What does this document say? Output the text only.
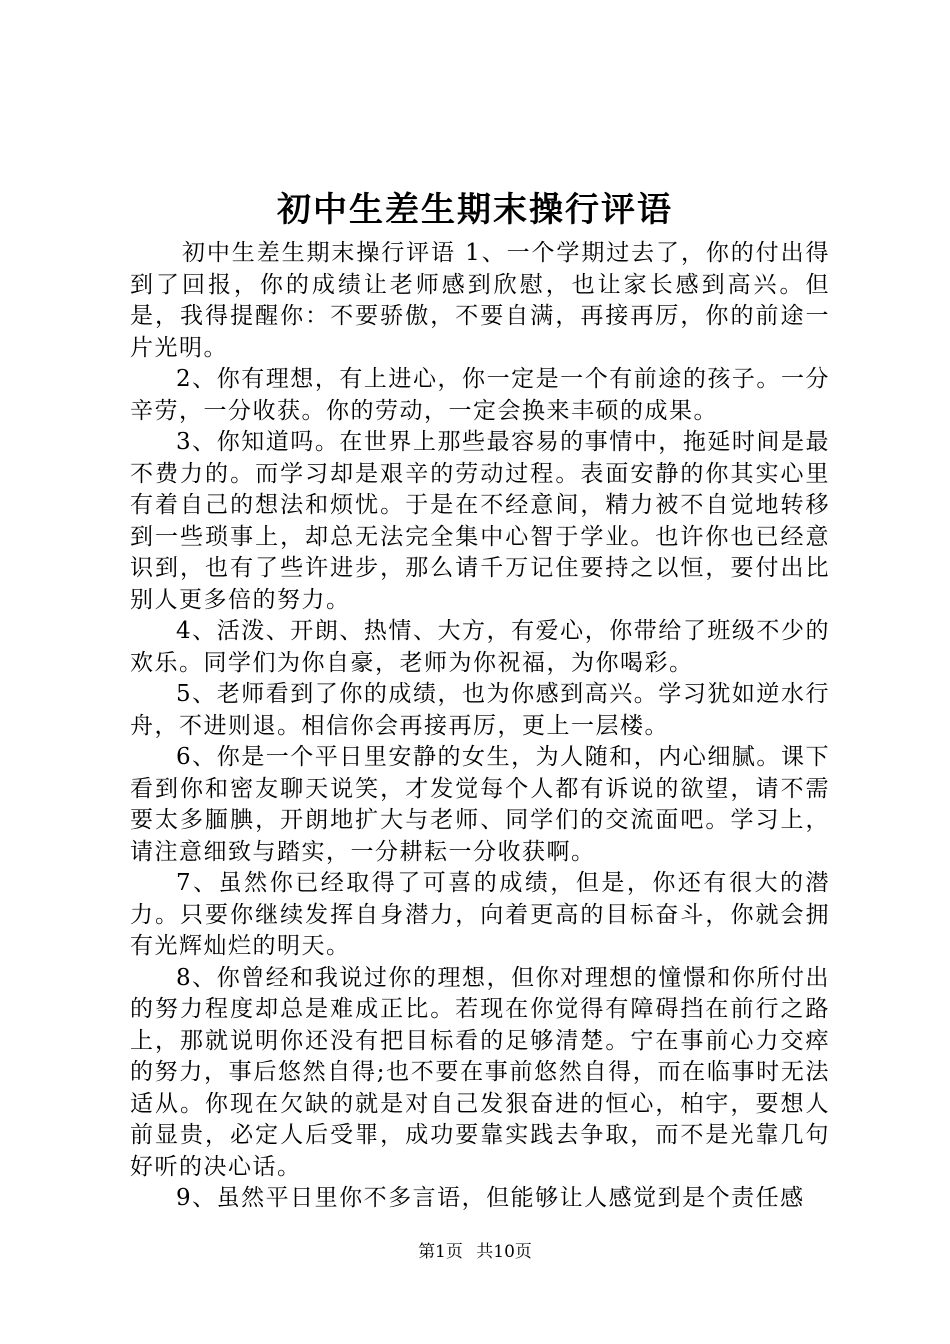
初中生差生期末操行评语

初中生差生期末操行评语 1、一个学期过去了，你的付出得到了回报，你的成绩让老师感到欣慰，也让家长感到高兴。但是，我得提醒你：不要骄傲，不要自满，再接再厉，你的前途一片光明。

2、你有理想，有上进心，你一定是一个有前途的孩子。一分辛劳，一分收获。你的劳动，一定会换来丰硕的成果。

3、你知道吗。在世界上那些最容易的事情中，拖延时间是最不费力的。而学习却是艰辛的劳动过程。表面安静的你其实心里有着自己的想法和烦忧。于是在不经意间，精力被不自觉地转移到一些琐事上，却总无法完全集中心智于学业。也许你也已经意识到，也有了些许进步，那么请千万记住要持之以恒，要付出比别人更多倍的努力。

4、活泼、开朗、热情、大方，有爱心，你带给了班级不少的欢乐。同学们为你自豪，老师为你祝福，为你喝彩。

5、老师看到了你的成绩，也为你感到高兴。学习犹如逆水行舟，不进则退。相信你会再接再厉，更上一层楼。

6、你是一个平日里安静的女生，为人随和，内心细腻。课下看到你和密友聊天说笑，才发觉每个人都有诉说的欲望，请不需要太多腼腆，开朗地扩大与老师、同学们的交流面吧。学习上，请注意细致与踏实，一分耕耘一分收获啊。

7、虽然你已经取得了可喜的成绩，但是，你还有很大的潜力。只要你继续发挥自身潜力，向着更高的目标奋斗，你就会拥有光辉灿烂的明天。

8、你曾经和我说过你的理想，但你对理想的憧憬和你所付出的努力程度却总是难成正比。若现在你觉得有障碍挡在前行之路上，那就说明你还没有把目标看的足够清楚。宁在事前心力交瘁的努力，事后悠然自得;也不要在事前悠然自得，而在临事时无法适从。你现在欠缺的就是对自己发狠奋进的恒心，柏宇，要想人前显贵，必定人后受罪，成功要靠实践去争取，而不是光靠几句好听的决心话。

9、虽然平日里你不多言语，但能够让人感觉到是个责任感

第1页 共10页
